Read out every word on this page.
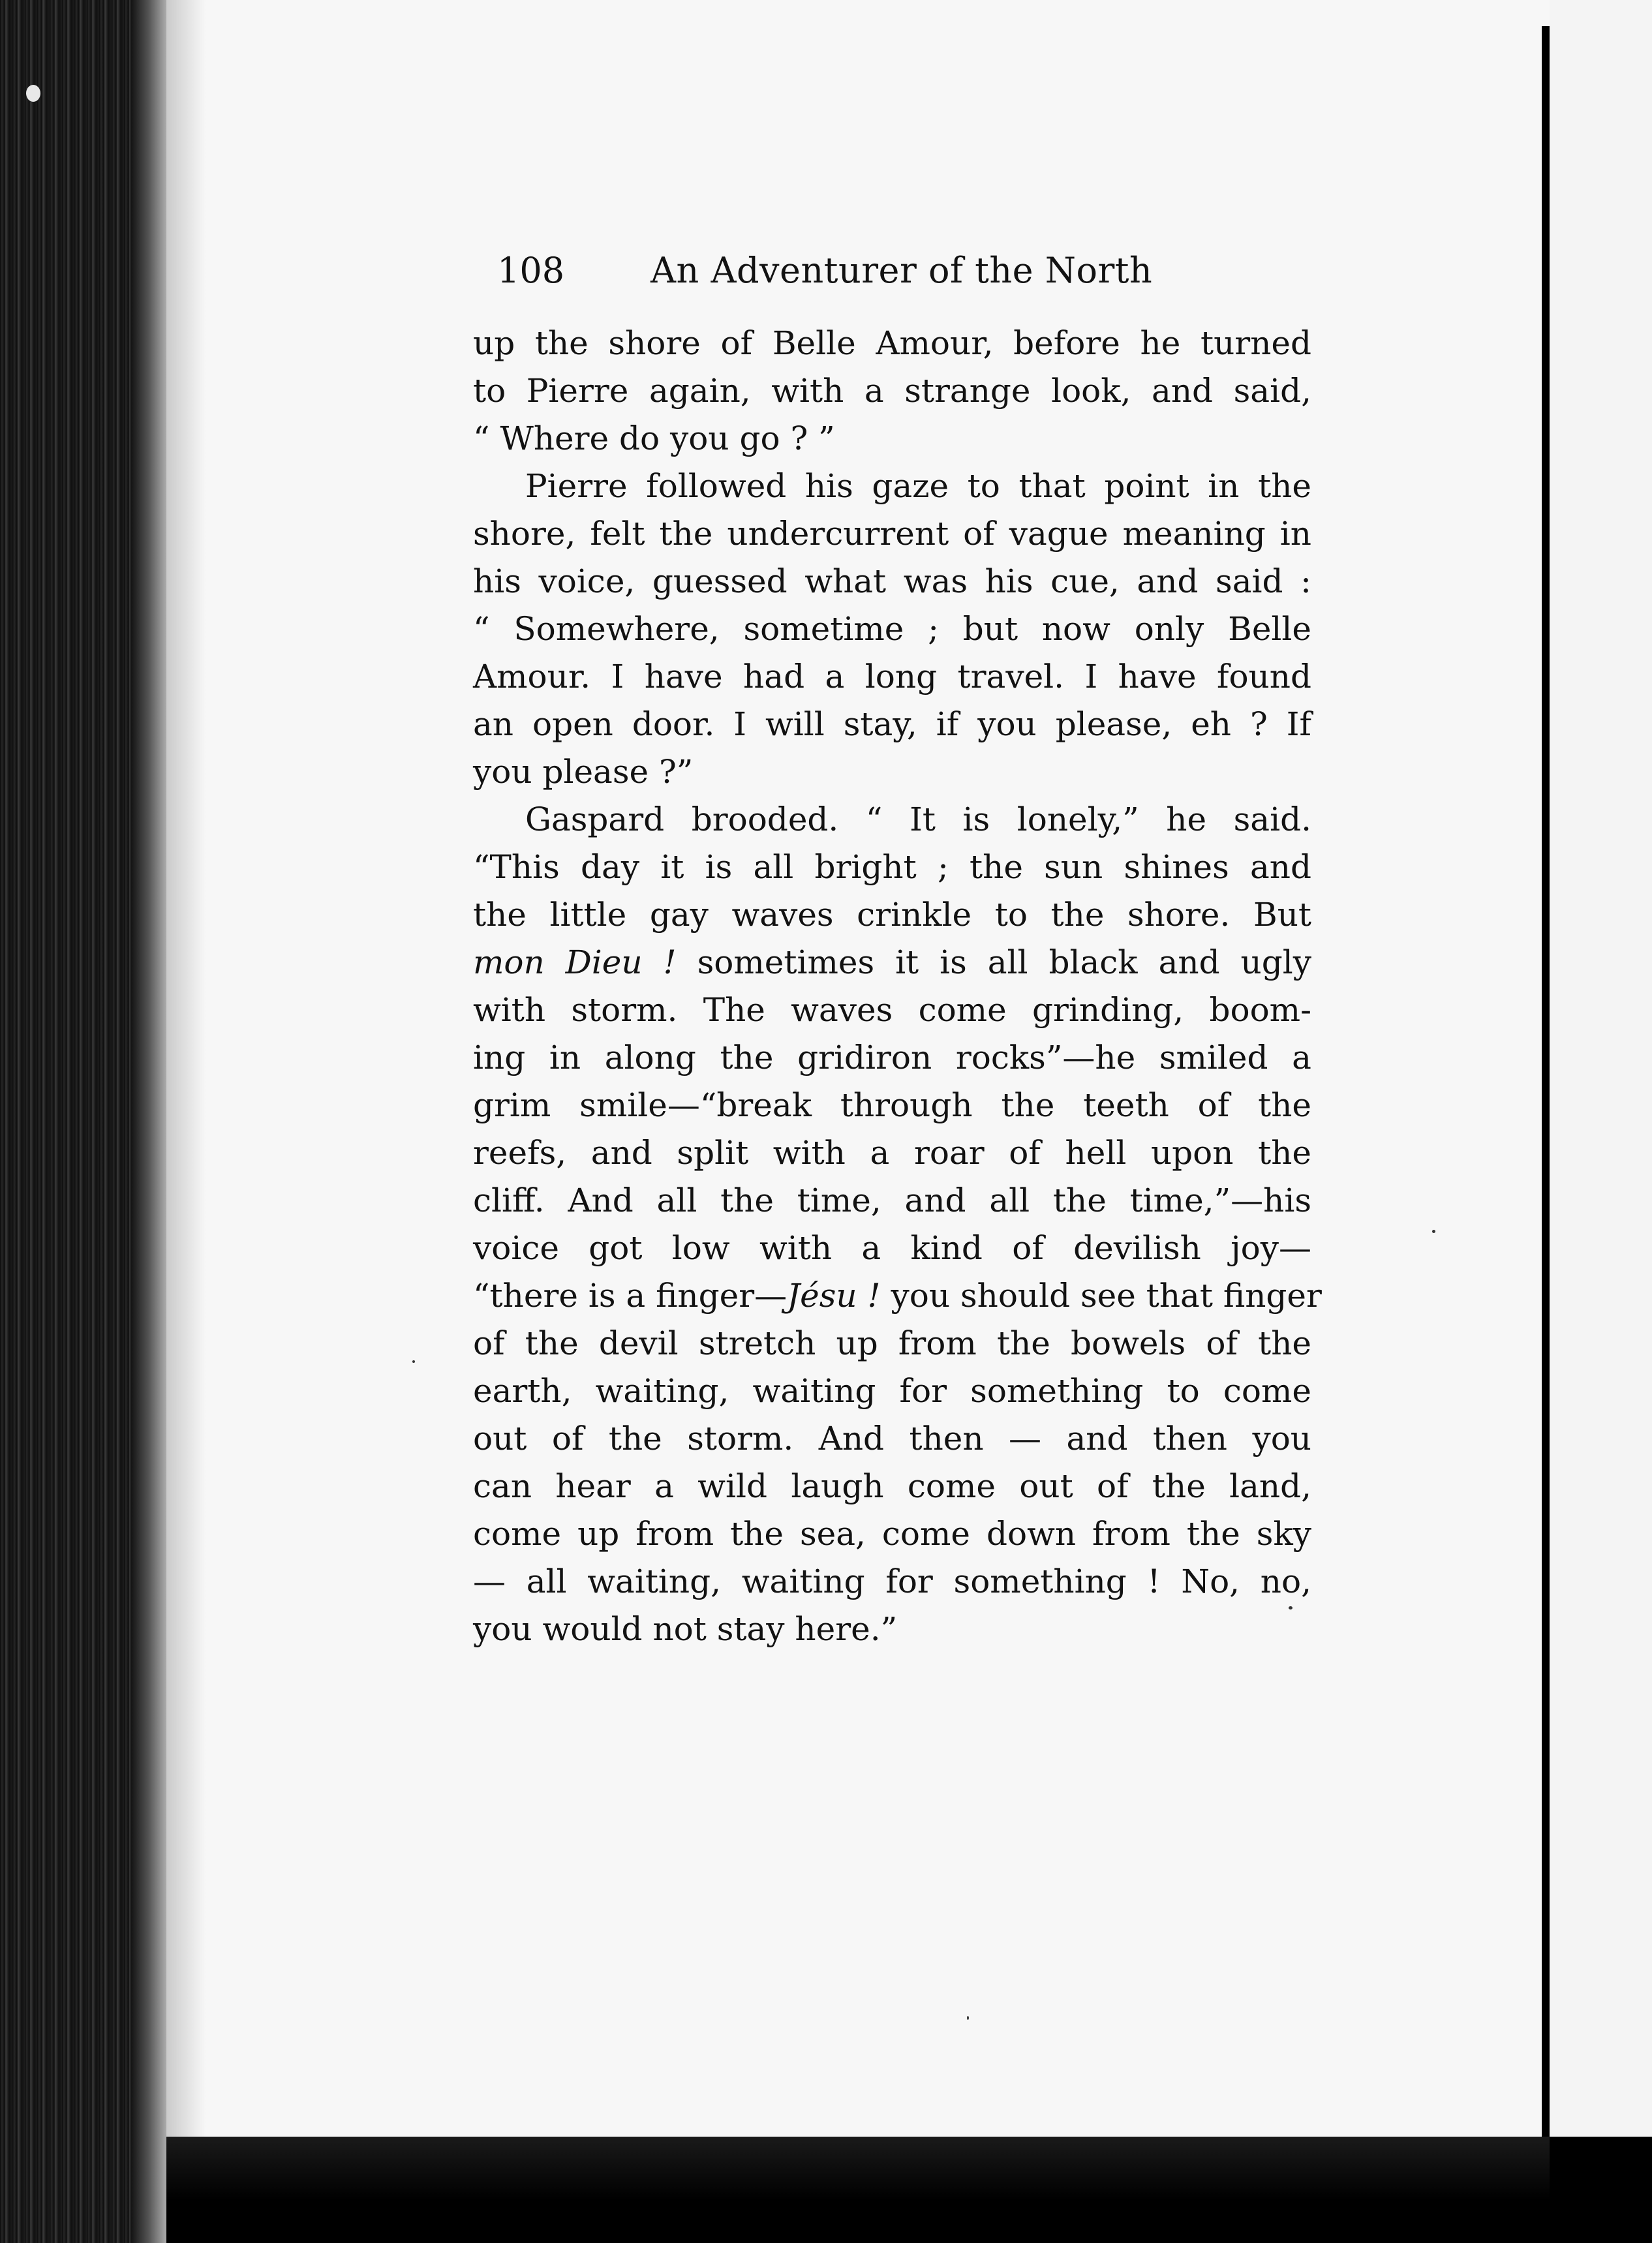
108 An Adventurer of the North
up the shore of Belle Amour, before he turned
to Pierre again, with a strange look, and said,
“ Where do you go ? ”
Pierre followed his gaze to that point in the
shore, felt the undercurrent of vague meaning in
his voice, guessed what was his cue, and said :
“ Somewhere, sometime ; but now only Belle
Amour. I have had a long travel. I have found
an open door. I will stay, if you please, eh ? If
you please ?”
Gaspard brooded. “ It is lonely,” he said.
“This day it is all bright ; the sun shines and
the little gay waves crinkle to the shore. But
mon Dieu ! sometimes it is all black and ugly
with storm. The waves come grinding, boom-
ing in along the gridiron rocks”—he smiled a
grim smile—“break through the teeth of the
reefs, and split with a roar of hell upon the
cliff. And all the time, and all the time,”—his
voice got low with a kind of devilish joy—
“there is a finger—Jésu ! you should see that finger
of the devil stretch up from the bowels of the
earth, waiting, waiting for something to come
out of the storm. And then — and then you
can hear a wild laugh come out of the land,
come up from the sea, come down from the sky
— all waiting, waiting for something ! No, no,
you would not stay here.”
